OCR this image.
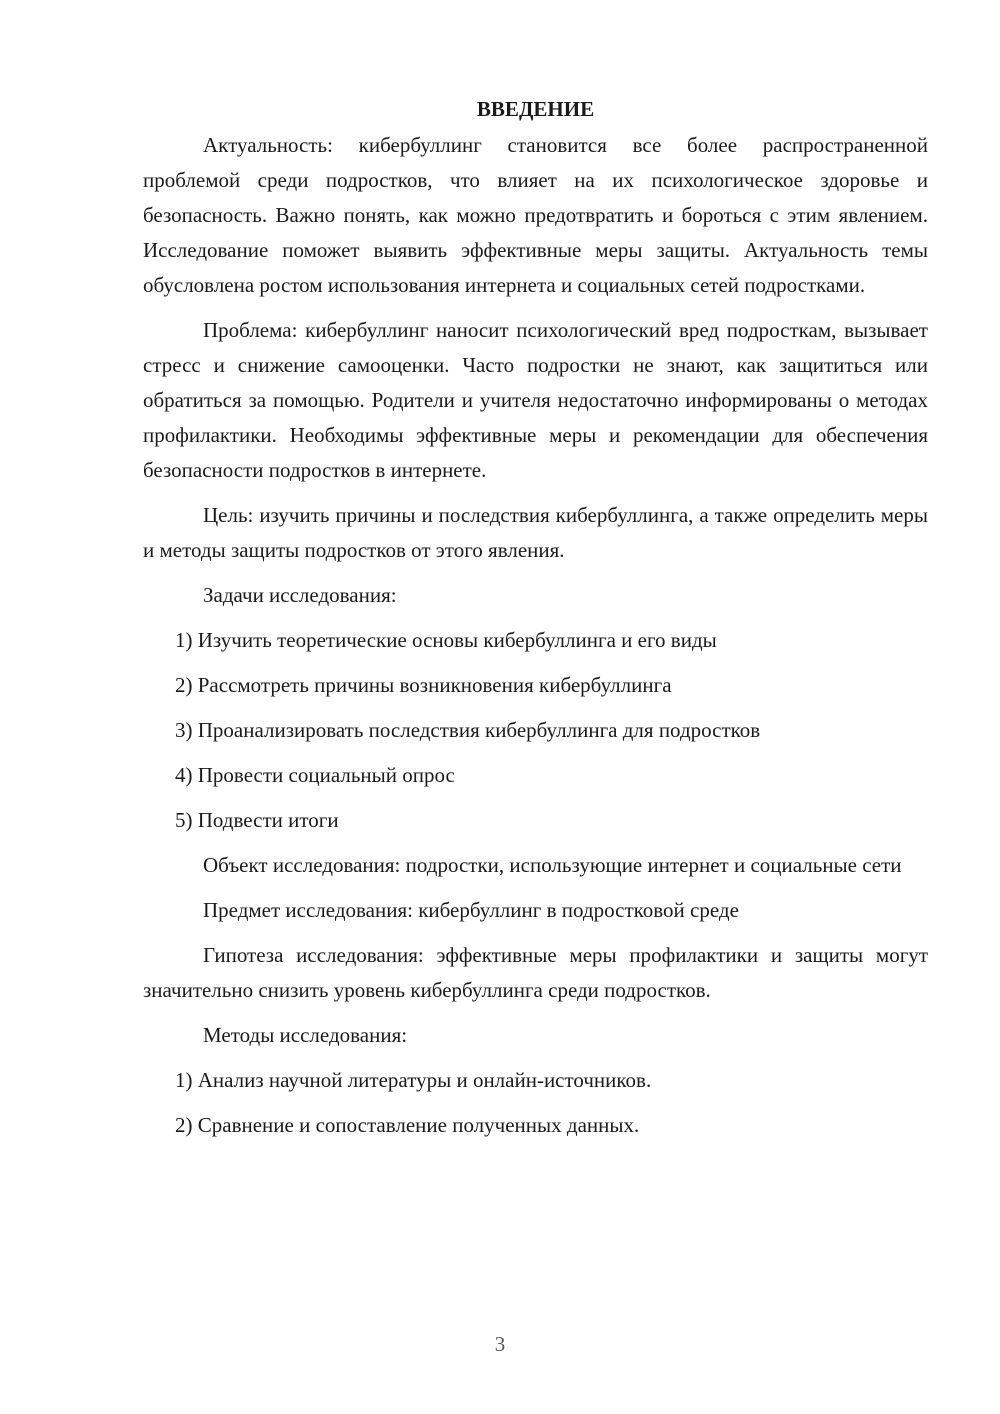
ВВЕДЕНИЕ
Актуальность: кибербуллинг становится все более распространенной проблемой среди подростков, что влияет на их психологическое здоровье и безопасность. Важно понять, как можно предотвратить и бороться с этим явлением. Исследование поможет выявить эффективные меры защиты. Актуальность темы обусловлена ростом использования интернета и социальных сетей подростками.
Проблема: кибербуллинг наносит психологический вред подросткам, вызывает стресс и снижение самооценки. Часто подростки не знают, как защититься или обратиться за помощью. Родители и учителя недостаточно информированы о методах профилактики. Необходимы эффективные меры и рекомендации для обеспечения безопасности подростков в интернете.
Цель: изучить причины и последствия кибербуллинга, а также определить меры и методы защиты подростков от этого явления.
Задачи исследования:
1) Изучить теоретические основы кибербуллинга и его виды
2) Рассмотреть причины возникновения кибербуллинга
3) Проанализировать последствия кибербуллинга для подростков
4) Провести социальный опрос
5) Подвести итоги
Объект исследования: подростки, использующие интернет и социальные сети
Предмет исследования: кибербуллинг в подростковой среде
Гипотеза исследования: эффективные меры профилактики и защиты могут значительно снизить уровень кибербуллинга среди подростков.
Методы исследования:
1) Анализ научной литературы и онлайн-источников.
2) Сравнение и сопоставление полученных данных.
3
